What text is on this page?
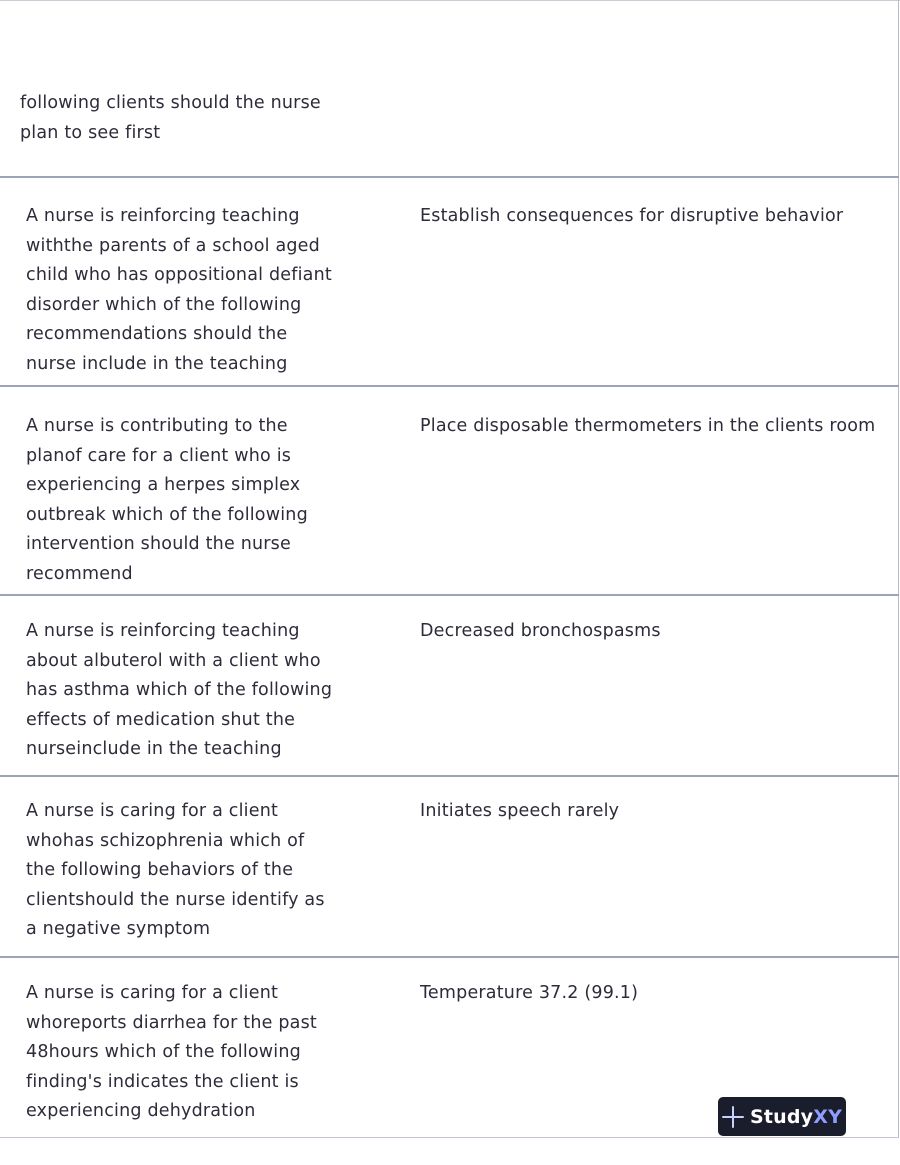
following clients should the nurse
plan to see first
A nurse is reinforcing teaching
withthe parents of a school aged
child who has oppositional defiant
disorder which of the following
recommendations should the
nurse include in the teaching
Establish consequences for disruptive behavior
A nurse is contributing to the
planof care for a client who is
experiencing a herpes simplex
outbreak which of the following
intervention should the nurse
recommend
Place disposable thermometers in the clients room
A nurse is reinforcing teaching
about albuterol with a client who
has asthma which of the following
effects of medication shut the
nurseinclude in the teaching
Decreased bronchospasms
A nurse is caring for a client
whohas schizophrenia which of
the following behaviors of the
clientshould the nurse identify as
a negative symptom
Initiates speech rarely
A nurse is caring for a client
whoreports diarrhea for the past
48hours which of the following
finding's indicates the client is
experiencing dehydration
Temperature 37.2 (99.1)
StudyXY
